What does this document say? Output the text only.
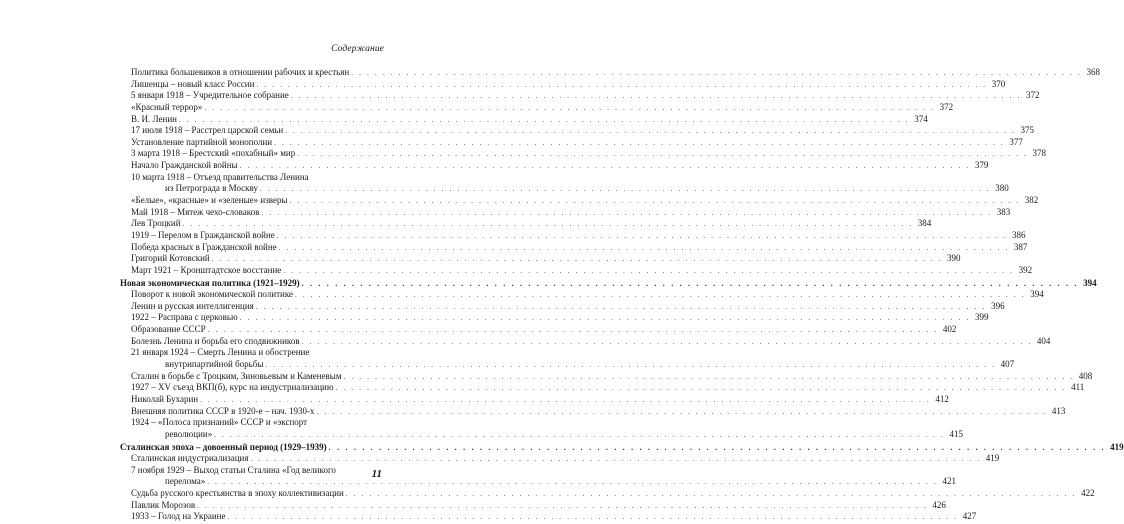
Содержание
Политика большевиков в отношении рабочих и крестьян . . .	368
Лишенцы – новый класс России . . .	370
5 января 1918 – Учредительное собрание . . .	372
«Красный террор» . . .	372
В. И. Ленин . . .	374
17 июля 1918 – Расстрел царской семьи . . .	375
Установление партийной монополии . . .	377
3 марта 1918 – Брестский «похабный» мир . . .	378
Начало Гражданской войны . . .	379
10 марта 1918 – Отъезд правительства Ленина
из Петрограда в Москву . . .	380
«Белые», «красные» и «зеленые» изверы . . .	382
Май 1918 – Мятеж чехо-словаков . . .	383
Лев Троцкий . . .	384
1919 – Перелом в Гражданской войне . . .	386
Победа красных в Гражданской войне . . .	387
Григорий Котовский . . .	390
Март 1921 – Кронштадтское восстание . . .	392
Новая экономическая политика (1921–1929) . . .	394
Поворот к новой экономической политике . . .	394
Ленин и русская интеллигенция . . .	396
1922 – Расправа с церковью . . .	399
Образование СССР . . .	402
Болезнь Ленина и борьба его сподвижников . . .	404
21 января 1924 – Смерть Ленина и обострение
внутрипартийной борьбы . . .	407
Сталин в борьбе с Троцким, Зиновьевым и Каменевым . . .	408
1927 – XV съезд ВКП(б), курс на индустриализацию . . .	411
Николай Бухарин . . .	412
Внешняя политика СССР в 1920-е – нач. 1930-х . . .	413
1924 – «Полоса признаний» СССР и «экспорт
революции» . . .	415
Сталинская эпоха – довоенный период (1929–1939) . . .	419
Сталинская индустриализация . . .	419
7 ноября 1929 – Выход статьи Сталина «Год великого
перелома» . . .	421
Судьба русского крестьянства в эпоху коллективизации . . .	422
Павлик Морозов . . .	426
1933 – Голод на Украине . . .	427
11
